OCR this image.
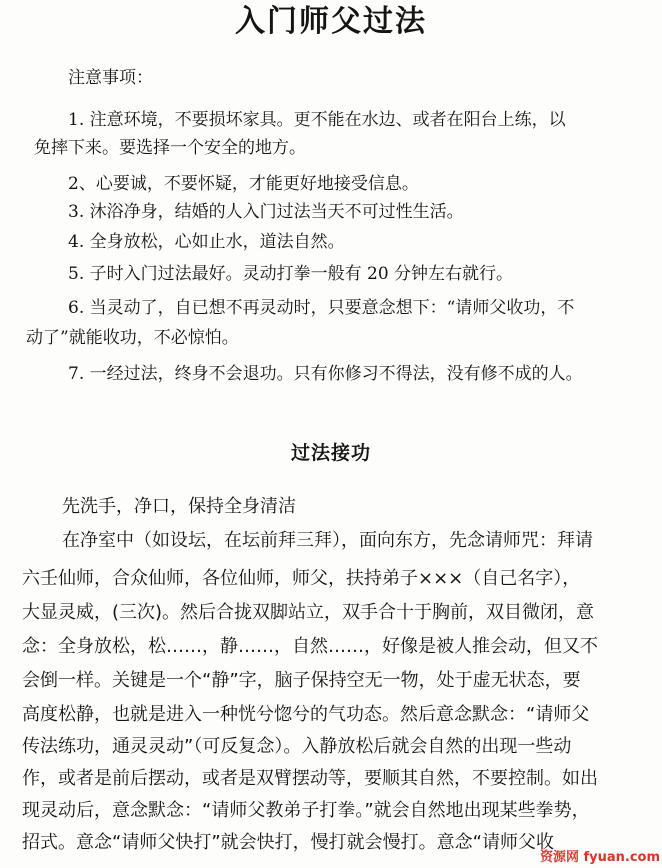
入门师父过法
注意事项：
1. 注意环境，不要损坏家具。更不能在水边、或者在阳台上练，以
免摔下来。要选择一个安全的地方。
2、心要诚，不要怀疑，才能更好地接受信息。
3. 沐浴净身，结婚的人入门过法当天不可过性生活。
4. 全身放松，心如止水，道法自然。
5. 子时入门过法最好。灵动打拳一般有 20 分钟左右就行。
6. 当灵动了，自已想不再灵动时，只要意念想下：“请师父收功，不
动了”就能收功，不必惊怕。
7. 一经过法，终身不会退功。只有你修习不得法，没有修不成的人。
过法接功
先洗手，净口，保持全身清洁
在净室中（如设坛，在坛前拜三拜），面向东方，先念请师咒：拜请
六壬仙师，合众仙师，各位仙师，师父，扶持弟子×××（自己名字），
大显灵威，(三次)。然后合拢双脚站立，双手合十于胸前，双目微闭，意
念：全身放松，松……，静……，自然……，好像是被人推会动，但又不
会倒一样。关键是一个“静”字，脑子保持空无一物，处于虚无状态，要
高度松静，也就是进入一种恍兮惚兮的气功态。然后意念默念：“请师父
传法练功，通灵灵动”（可反复念）。入静放松后就会自然的出现一些动
作，或者是前后摆动，或者是双臂摆动等，要顺其自然，不要控制。如出
现灵动后，意念默念：“请师父教弟子打拳。”就会自然地出现某些拳势，
招式。意念“请师父快打”就会快打，慢打就会慢打。意念“请师父收
资源网 fyuan.com
